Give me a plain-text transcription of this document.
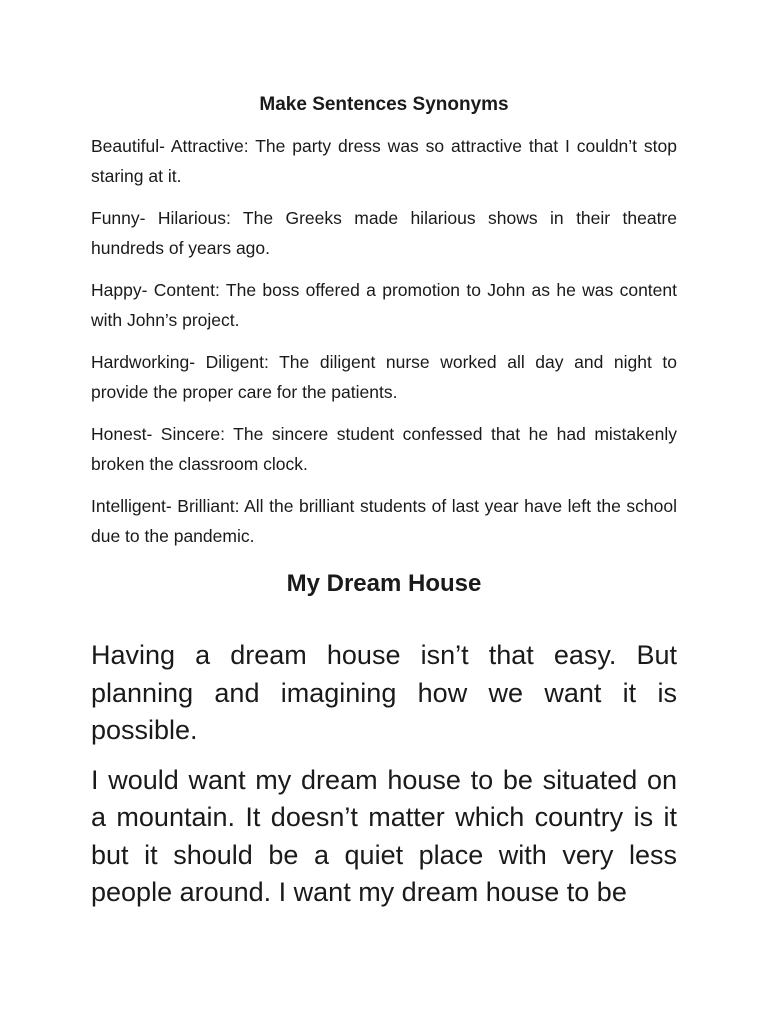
Make Sentences Synonyms

Beautiful- Attractive: The party dress was so attractive that I couldn’t stop staring at it.

Funny- Hilarious: The Greeks made hilarious shows in their theatre hundreds of years ago.

Happy- Content: The boss offered a promotion to John as he was content with John’s project.

Hardworking- Diligent: The diligent nurse worked all day and night to provide the proper care for the patients.

Honest- Sincere: The sincere student confessed that he had mistakenly broken the classroom clock.

Intelligent- Brilliant: All the brilliant students of last year have left the school due to the pandemic.

My Dream House

Having a dream house isn’t that easy. But planning and imagining how we want it is possible.

I would want my dream house to be situated on a mountain. It doesn’t matter which country is it but it should be a quiet place with very less people around. I want my dream house to be
